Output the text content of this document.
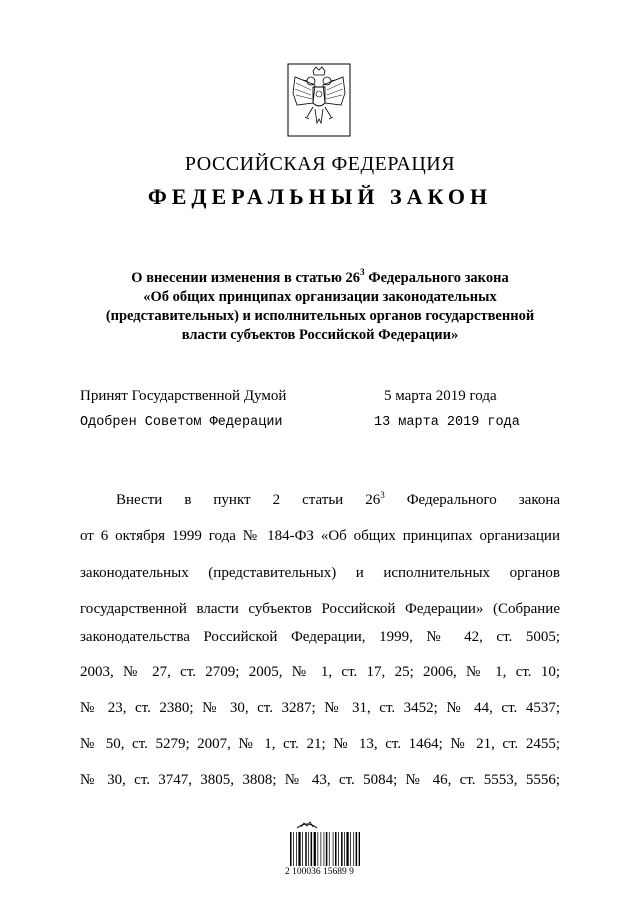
РОССИЙСКАЯ ФЕДЕРАЦИЯ
ФЕДЕРАЛЬНЫЙ ЗАКОН
О внесении изменения в статью $26^3$ Федерального закона
«Об общих принципах организации законодательных
(представительных) и исполнительных органов государственной
власти субъектов Российской Федерации»
Принят Государственной Думой	5 марта 2019 года
Одобрен Советом Федерации	13 марта 2019 года
Внести в пункт 2 статьи $26^3$ Федерального закона
от 6 октября 1999 года № 184-ФЗ «Об общих принципах организации
законодательных (представительных) и исполнительных органов
государственной власти субъектов Российской Федерации» (Собрание
законодательства Российской Федерации, 1999, № 42, ст. 5005;
2003, № 27, ст. 2709; 2005, № 1, ст. 17, 25; 2006, № 1, ст. 10;
№ 23, ст. 2380; № 30, ст. 3287; № 31, ст. 3452; № 44, ст. 4537;
№ 50, ст. 5279; 2007, № 1, ст. 21; № 13, ст. 1464; № 21, ст. 2455;
№ 30, ст. 3747, 3805, 3808; № 43, ст. 5084; № 46, ст. 5553, 5556;
2 100036 15689 9
